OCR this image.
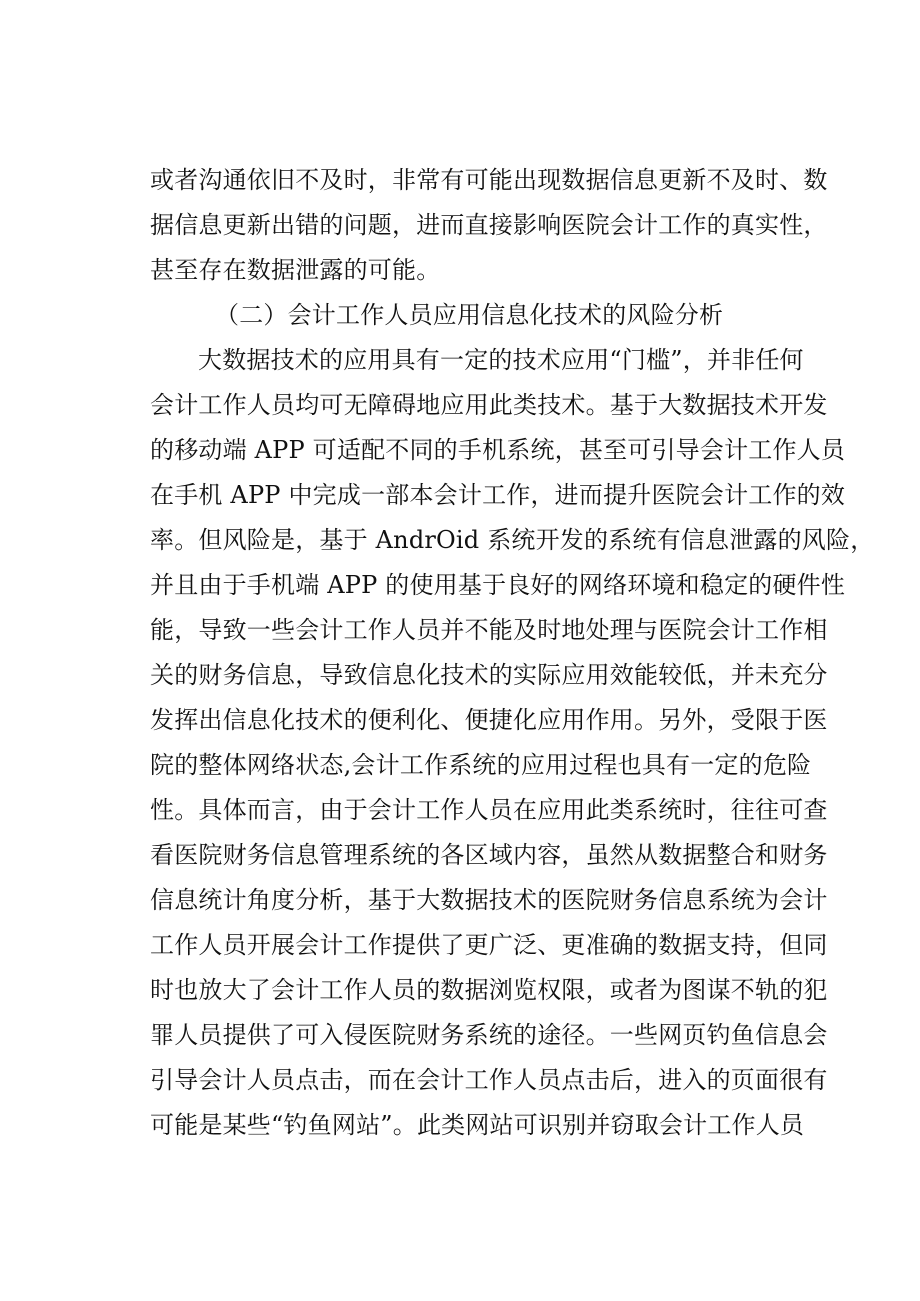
或者沟通依旧不及时，非常有可能出现数据信息更新不及时、数
据信息更新出错的问题，进而直接影响医院会计工作的真实性，
甚至存在数据泄露的可能。
（二）会计工作人员应用信息化技术的风险分析
大数据技术的应用具有一定的技术应用“门槛”，并非任何
会计工作人员均可无障碍地应用此类技术。基于大数据技术开发
的移动端 APP 可适配不同的手机系统，甚至可引导会计工作人员
在手机 APP 中完成一部本会计工作，进而提升医院会计工作的效
率。但风险是，基于 AndrOid 系统开发的系统有信息泄露的风险，
并且由于手机端 APP 的使用基于良好的网络环境和稳定的硬件性
能，导致一些会计工作人员并不能及时地处理与医院会计工作相
关的财务信息，导致信息化技术的实际应用效能较低，并未充分
发挥出信息化技术的便利化、便捷化应用作用。另外，受限于医
院的整体网络状态,会计工作系统的应用过程也具有一定的危险
性。具体而言，由于会计工作人员在应用此类系统时，往往可查
看医院财务信息管理系统的各区域内容，虽然从数据整合和财务
信息统计角度分析，基于大数据技术的医院财务信息系统为会计
工作人员开展会计工作提供了更广泛、更准确的数据支持，但同
时也放大了会计工作人员的数据浏览权限，或者为图谋不轨的犯
罪人员提供了可入侵医院财务系统的途径。一些网页钓鱼信息会
引导会计人员点击，而在会计工作人员点击后，进入的页面很有
可能是某些“钓鱼网站”。此类网站可识别并窃取会计工作人员
